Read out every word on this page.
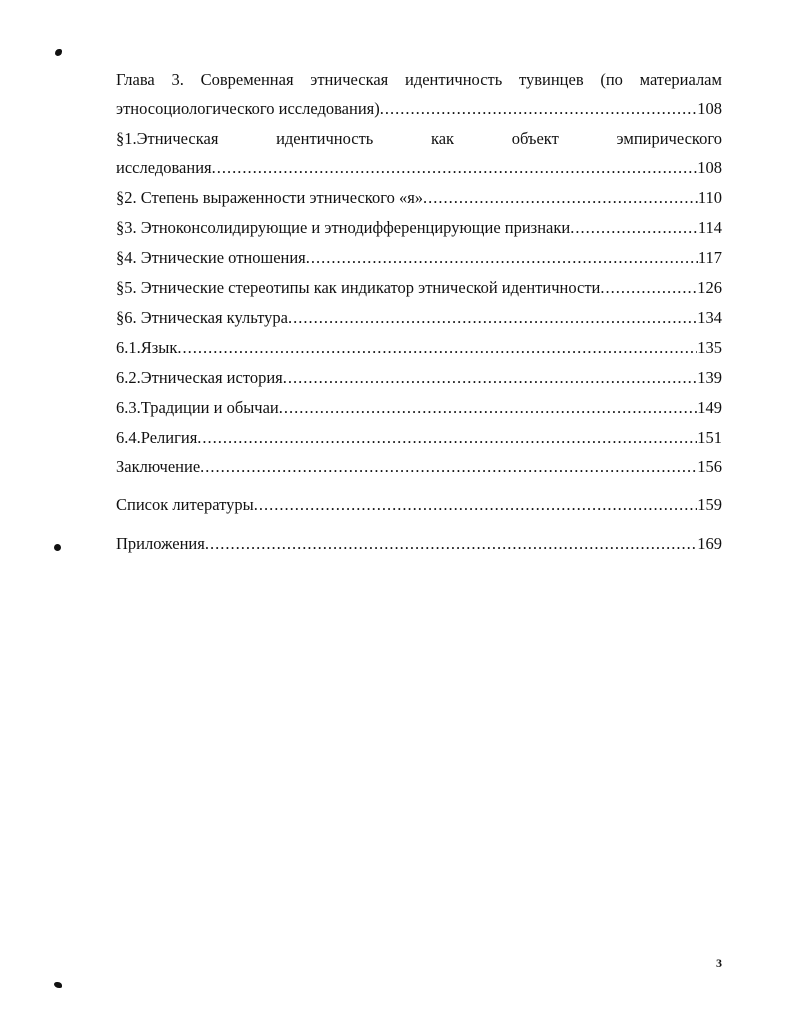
Глава 3. Современная этническая идентичность тувинцев (по материалам
этносоциологического исследования) .....	108
§1.Этническая	идентичность	как	объект	эмпирического
исследования .....	108
§2. Степень выраженности этнического «я» .....	110
§3. Этноконсолидирующие и этнодифференцирующие признаки .....	114
§4. Этнические отношения .....	117
§5. Этнические стереотипы как индикатор этнической идентичности .....	126
§6. Этническая культура .....	134
6.1.Язык .....	135
6.2.Этническая история .....	139
6.3.Традиции и обычаи .....	149
6.4.Религия .....	151
Заключение .....	156
Список литературы .....	159
Приложения .....	169
3
